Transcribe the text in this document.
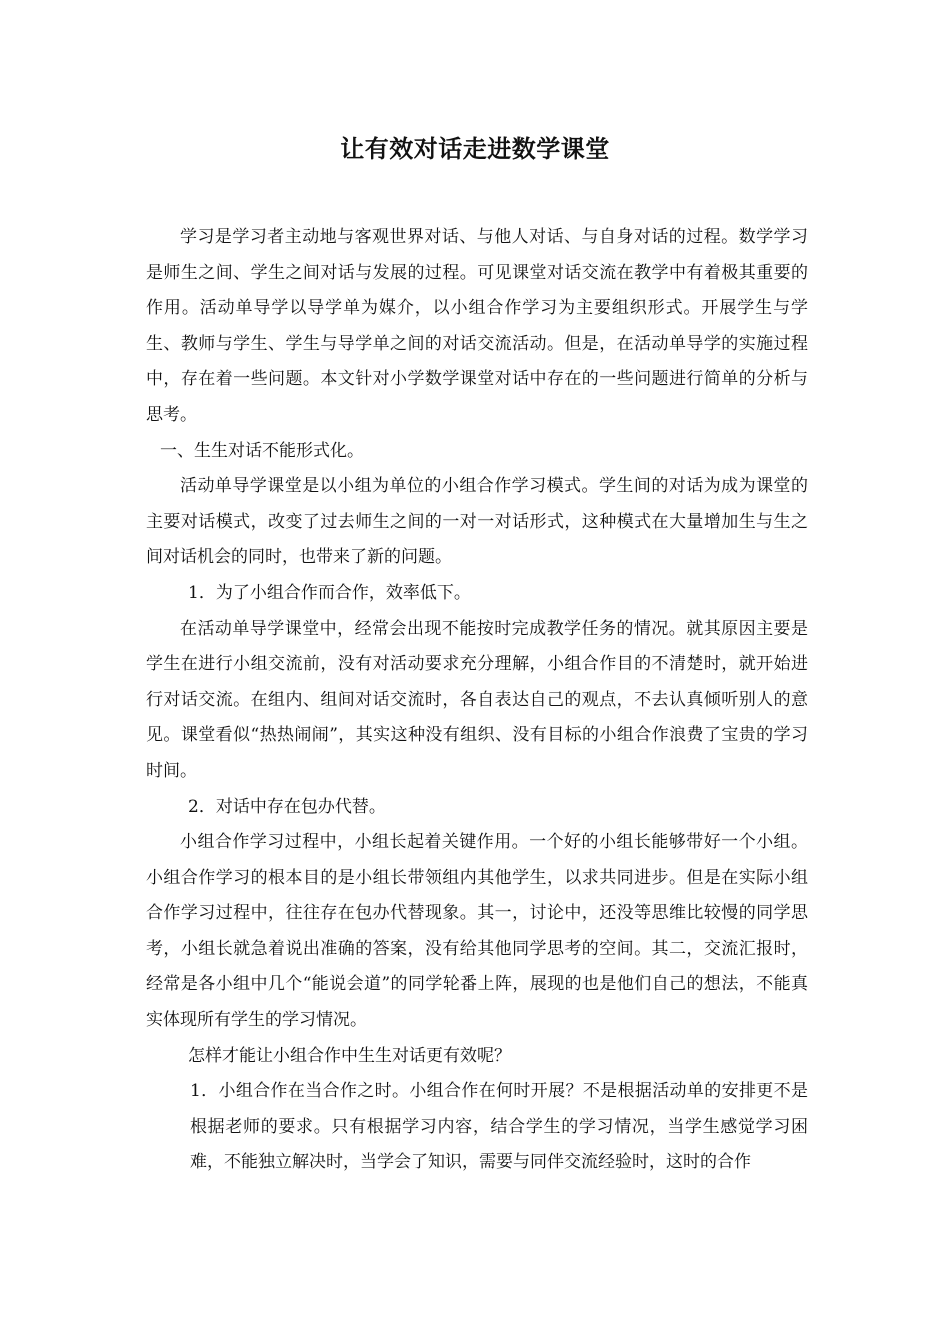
让有效对话走进数学课堂

学习是学习者主动地与客观世界对话、与他人对话、与自身对话的过程。数学学习是师生之间、学生之间对话与发展的过程。可见课堂对话交流在教学中有着极其重要的作用。活动单导学以导学单为媒介，以小组合作学习为主要组织形式。开展学生与学生、教师与学生、学生与导学单之间的对话交流活动。但是，在活动单导学的实施过程中，存在着一些问题。本文针对小学数学课堂对话中存在的一些问题进行简单的分析与思考。

一、生生对话不能形式化。

活动单导学课堂是以小组为单位的小组合作学习模式。学生间的对话为成为课堂的主要对话模式，改变了过去师生之间的一对一对话形式，这种模式在大量增加生与生之间对话机会的同时，也带来了新的问题。

1．为了小组合作而合作，效率低下。

在活动单导学课堂中，经常会出现不能按时完成教学任务的情况。就其原因主要是学生在进行小组交流前，没有对活动要求充分理解，小组合作目的不清楚时，就开始进行对话交流。在组内、组间对话交流时，各自表达自己的观点，不去认真倾听别人的意见。课堂看似“热热闹闹”，其实这种没有组织、没有目标的小组合作浪费了宝贵的学习时间。

2．对话中存在包办代替。

小组合作学习过程中，小组长起着关键作用。一个好的小组长能够带好一个小组。小组合作学习的根本目的是小组长带领组内其他学生，以求共同进步。但是在实际小组合作学习过程中，往往存在包办代替现象。其一，讨论中，还没等思维比较慢的同学思考，小组长就急着说出准确的答案，没有给其他同学思考的空间。其二，交流汇报时，经常是各小组中几个“能说会道”的同学轮番上阵，展现的也是他们自己的想法，不能真实体现所有学生的学习情况。

怎样才能让小组合作中生生对话更有效呢？

1．小组合作在当合作之时。小组合作在何时开展？不是根据活动单的安排更不是根据老师的要求。只有根据学习内容，结合学生的学习情况，当学生感觉学习困难，不能独立解决时，当学会了知识，需要与同伴交流经验时，这时的合作
